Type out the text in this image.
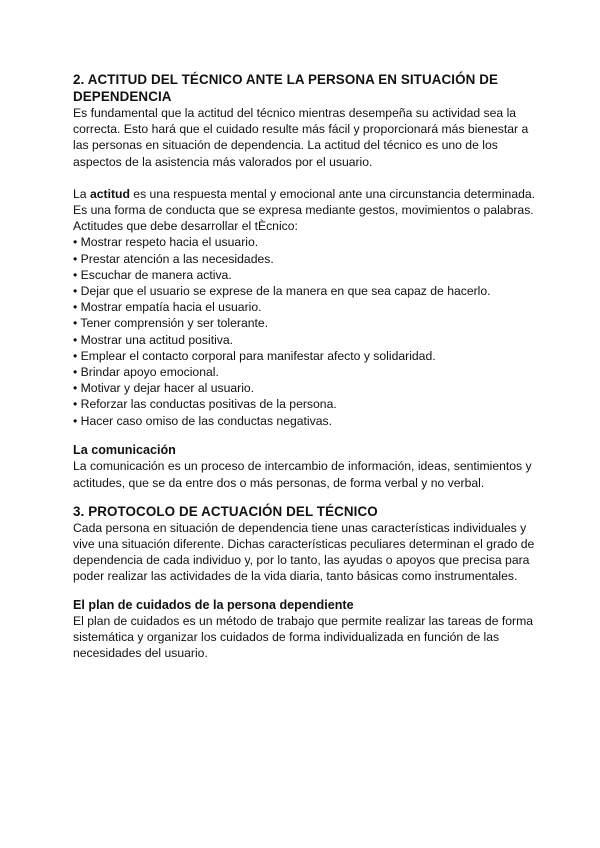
2. ACTITUD DEL TÉCNICO ANTE LA PERSONA EN SITUACIÓN DE DEPENDENCIA

Es fundamental que la actitud del técnico mientras desempeña su actividad sea la correcta. Esto hará que el cuidado resulte más fácil y proporcionará más bienestar a las personas en situación de dependencia. La actitud del técnico es uno de los aspectos de la asistencia más valorados por el usuario.

La actitud es una respuesta mental y emocional ante una circunstancia determinada. Es una forma de conducta que se expresa mediante gestos, movimientos o palabras.

Actitudes que debe desarrollar el tÈcnico:

• Mostrar respeto hacia el usuario.
• Prestar atención a las necesidades.
• Escuchar de manera activa.
• Dejar que el usuario se exprese de la manera en que sea capaz de hacerlo.
• Mostrar empatía hacia el usuario.
• Tener comprensión y ser tolerante.
• Mostrar una actitud positiva.
• Emplear el contacto corporal para manifestar afecto y solidaridad.
• Brindar apoyo emocional.
• Motivar y dejar hacer al usuario.
• Reforzar las conductas positivas de la persona.
• Hacer caso omiso de las conductas negativas.
La comunicación

La comunicación es un proceso de intercambio de información, ideas, sentimientos y actitudes, que se da entre dos o más personas, de forma verbal y no verbal.

3. PROTOCOLO DE ACTUACIÓN DEL TÉCNICO

Cada persona en situación de dependencia tiene unas características individuales y vive una situación diferente. Dichas características peculiares determinan el grado de dependencia de cada individuo y, por lo tanto, las ayudas o apoyos que precisa para poder realizar las actividades de la vida diaria, tanto básicas como instrumentales.

El plan de cuidados de la persona dependiente

El plan de cuidados es un método de trabajo que permite realizar las tareas de forma sistemática y organizar los cuidados de forma individualizada en función de las necesidades del usuario.
